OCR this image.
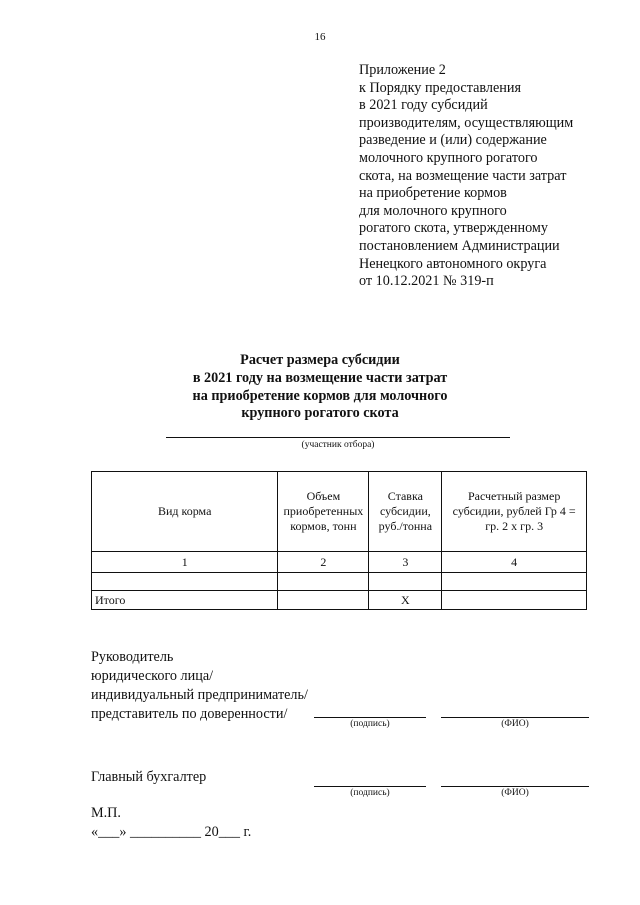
16
Приложение 2
к Порядку предоставления
в 2021 году субсидий
производителям, осуществляющим
разведение и (или) содержание
молочного крупного рогатого
скота, на возмещение части затрат
на приобретение кормов
для молочного крупного
рогатого скота, утвержденному
постановлением Администрации
Ненецкого автономного округа
от 10.12.2021 № 319-п
Расчет размера субсидии
в 2021 году на возмещение части затрат
на приобретение кормов для молочного
крупного рогатого скота
(участник отбора)
Вид корма	Объем приобретенных кормов, тонн	Ставка субсидии, руб./тонна	Расчетный размер субсидии, рублей Гр 4 = гр. 2 x гр. 3
1	2	3	4

Итого		X	
Руководитель
юридического лица/
индивидуальный предприниматель/
представитель по доверенности/
(подпись)	(ФИО)
Главный бухгалтер
(подпись)	(ФИО)
М.П.
«___» __________ 20___ г.
